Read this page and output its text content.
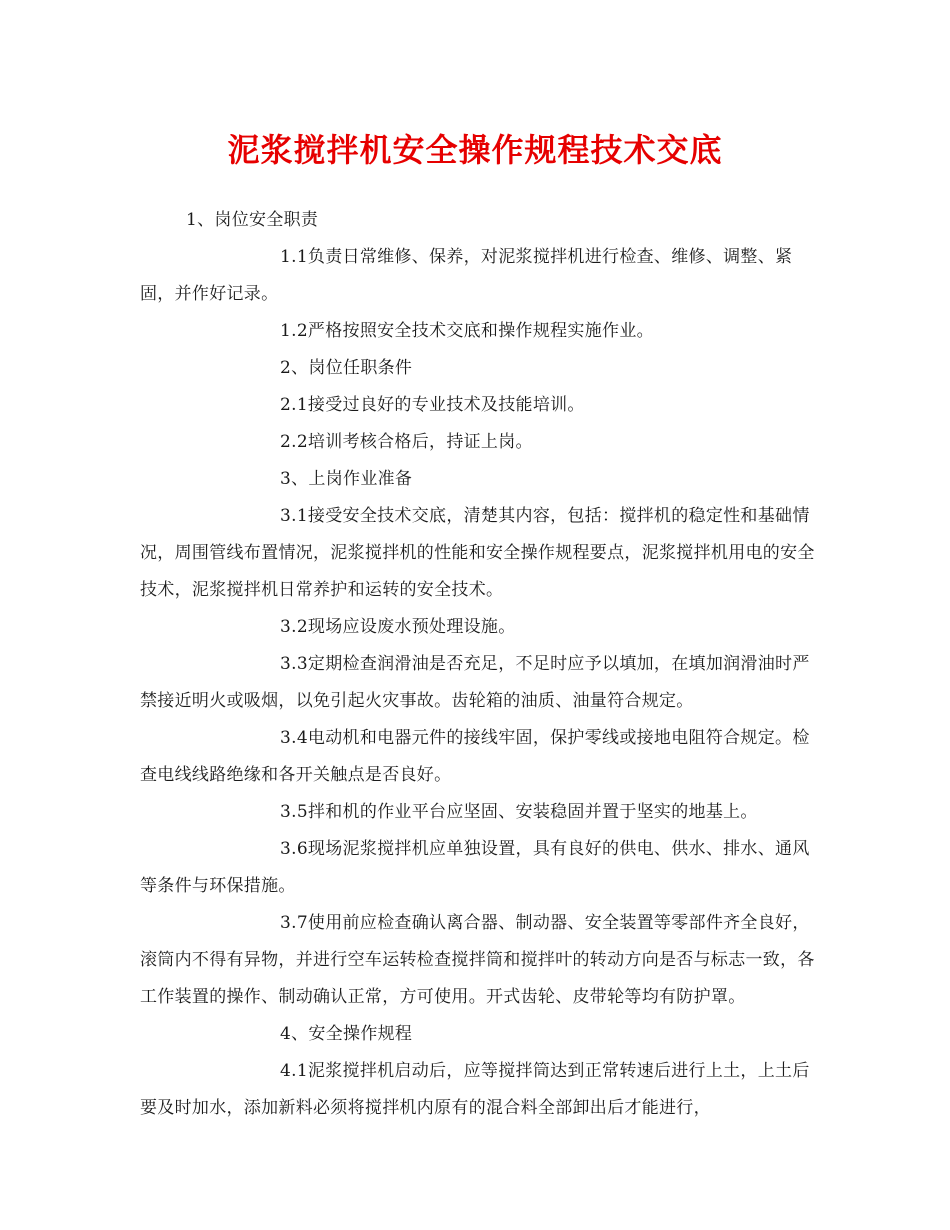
泥浆搅拌机安全操作规程技术交底

1、岗位安全职责

1.1负责日常维修、保养，对泥浆搅拌机进行检查、维修、调整、紧固，并作好记录。

1.2严格按照安全技术交底和操作规程实施作业。

2、岗位任职条件

2.1接受过良好的专业技术及技能培训。

2.2培训考核合格后，持证上岗。

3、上岗作业准备

3.1接受安全技术交底，清楚其内容，包括：搅拌机的稳定性和基础情况，周围管线布置情况，泥浆搅拌机的性能和安全操作规程要点，泥浆搅拌机用电的安全技术，泥浆搅拌机日常养护和运转的安全技术。

3.2现场应设废水预处理设施。

3.3定期检查润滑油是否充足，不足时应予以填加，在填加润滑油时严禁接近明火或吸烟，以免引起火灾事故。齿轮箱的油质、油量符合规定。

3.4电动机和电器元件的接线牢固，保护零线或接地电阻符合规定。检查电线线路绝缘和各开关触点是否良好。

3.5拌和机的作业平台应坚固、安装稳固并置于坚实的地基上。

3.6现场泥浆搅拌机应单独设置，具有良好的供电、供水、排水、通风等条件与环保措施。

3.7使用前应检查确认离合器、制动器、安全装置等零部件齐全良好，滚筒内不得有异物，并进行空车运转检查搅拌筒和搅拌叶的转动方向是否与标志一致，各工作装置的操作、制动确认正常，方可使用。开式齿轮、皮带轮等均有防护罩。

4、安全操作规程

4.1泥浆搅拌机启动后，应等搅拌筒达到正常转速后进行上土，上土后要及时加水，添加新料必须将搅拌机内原有的混合料全部卸出后才能进行，
